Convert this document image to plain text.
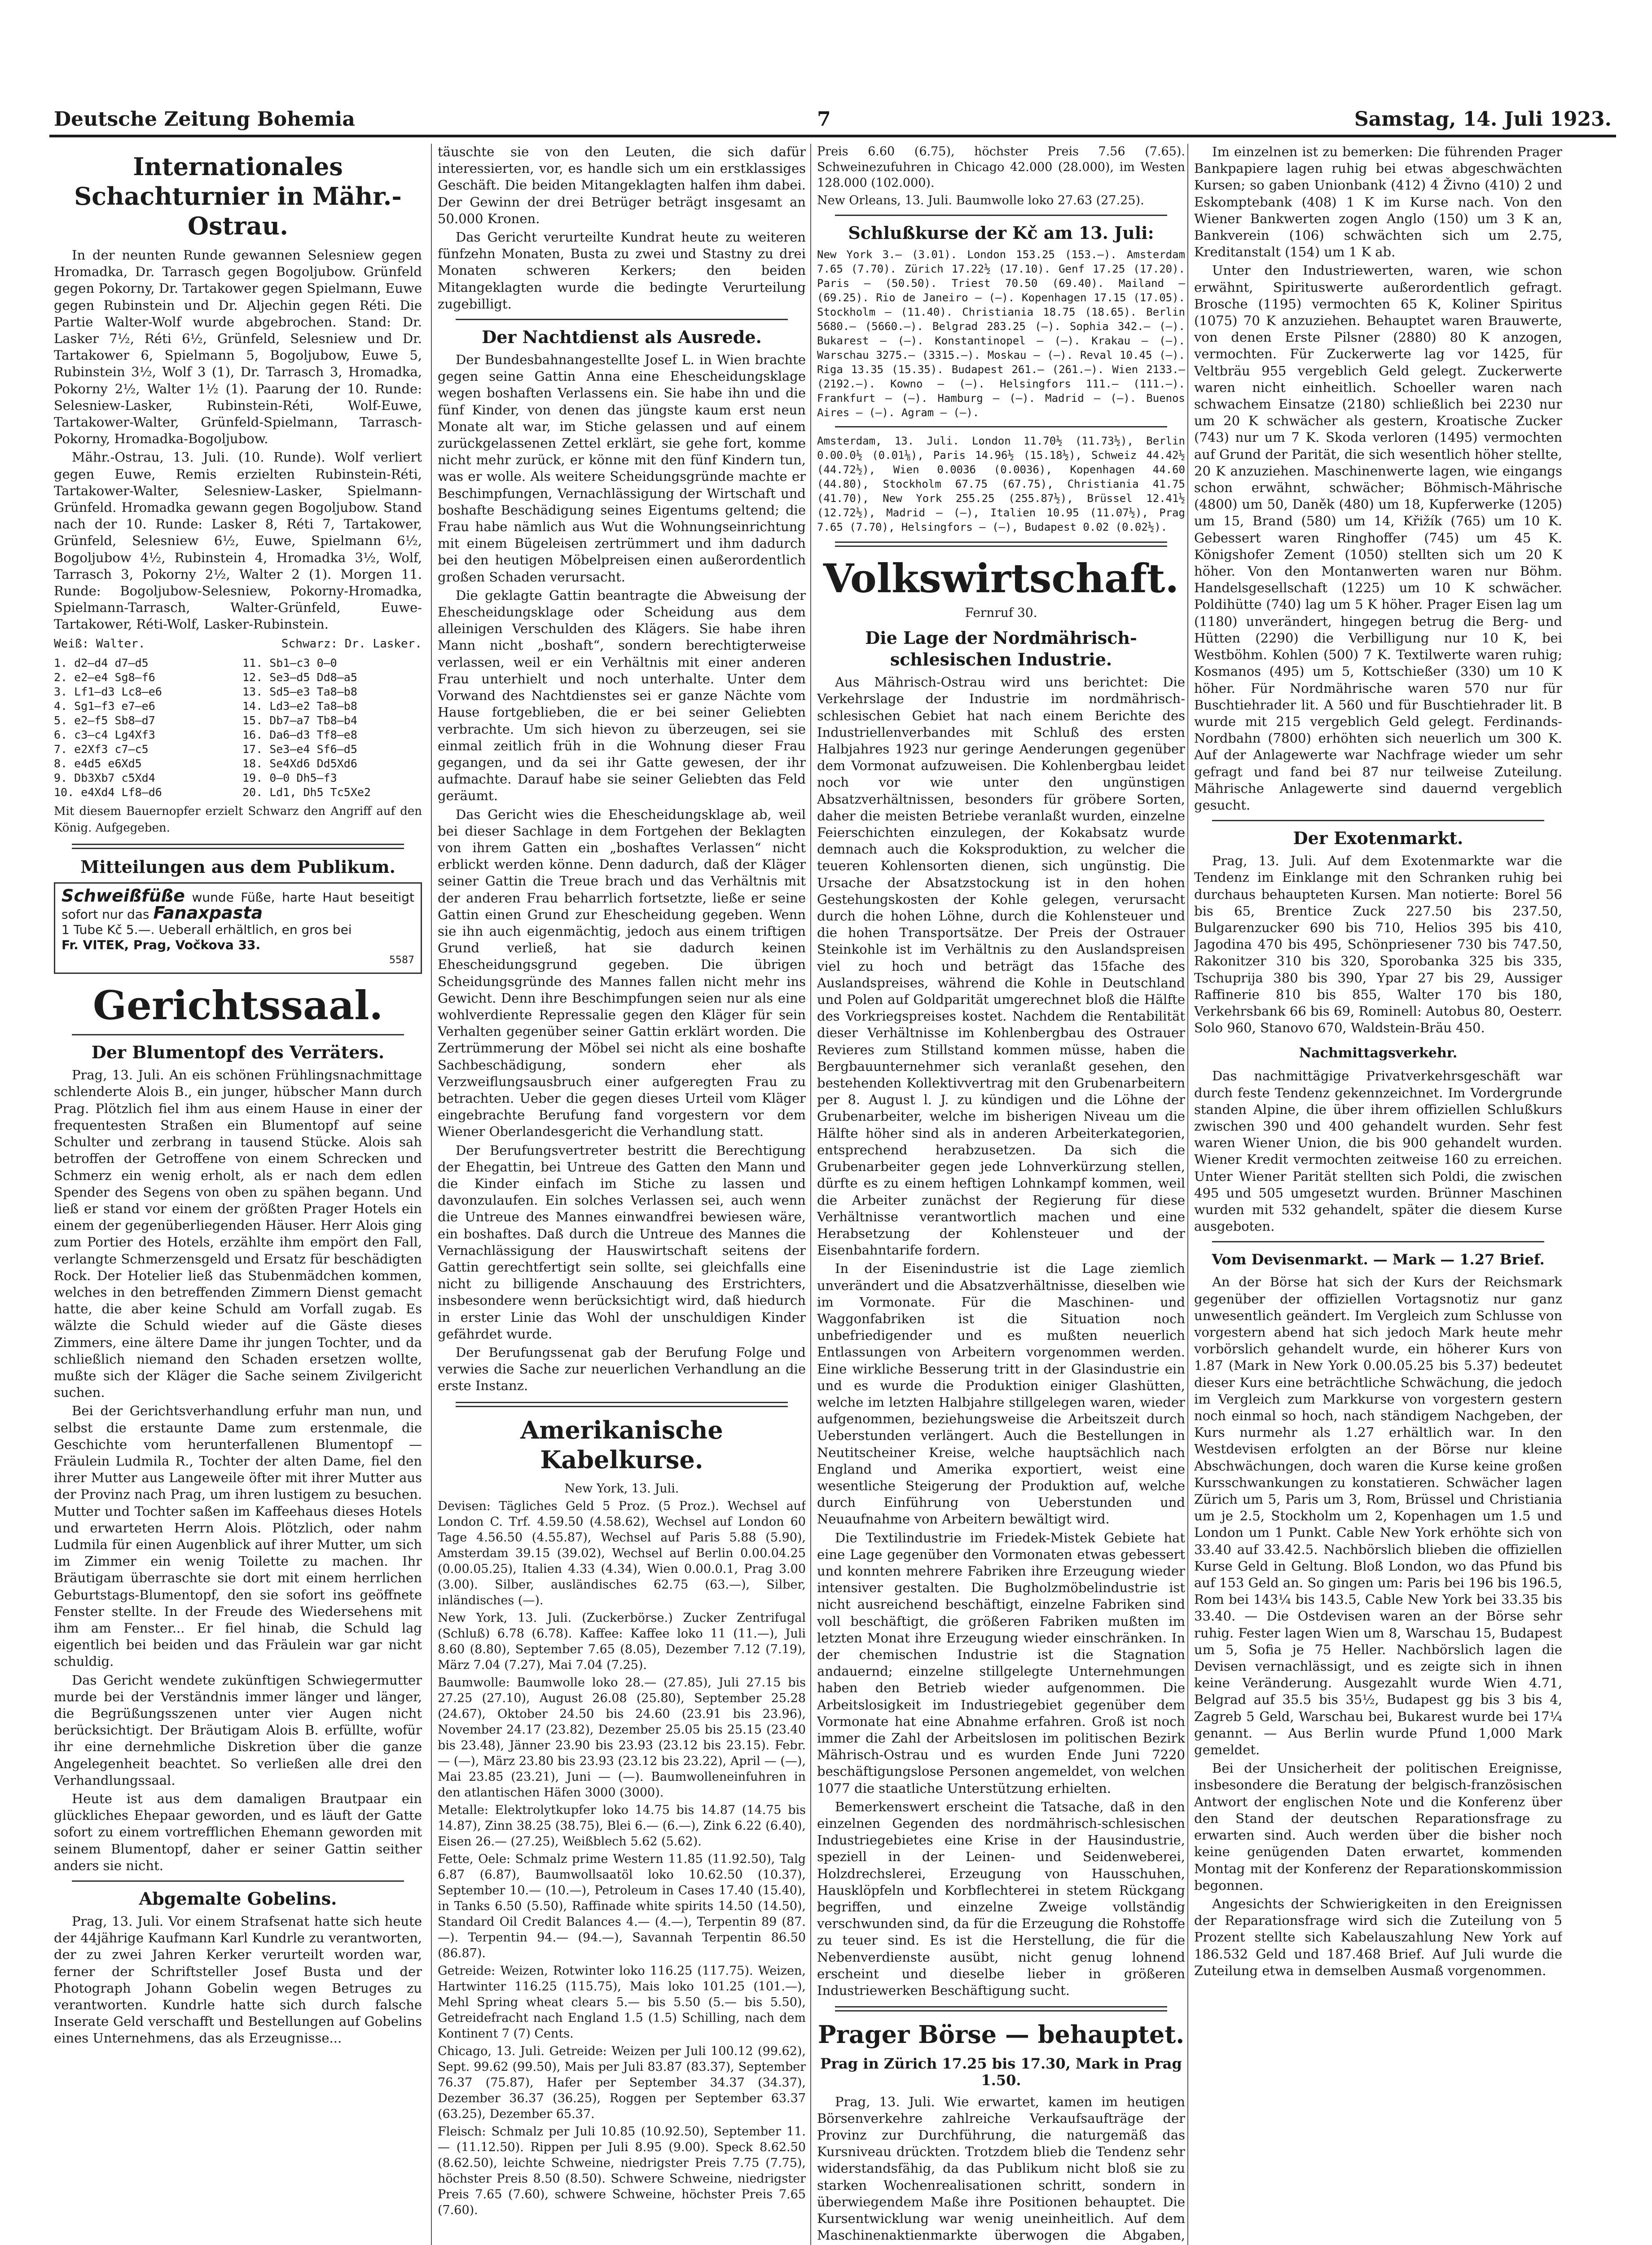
Deutsche Zeitung Bohemia	7	Samstag, 14. Juli 1923.
Internationales Schachturnier in Mähr.-Ostrau.

In der neunten Runde gewannen Selesniew gegen Hromadka, Dr. Tarrasch gegen Bogoljubow. Grünfeld gegen Pokorny, Dr. Tartakower gegen Spielmann, Euwe gegen Rubinstein und Dr. Aljechin gegen Réti. Die Partie Walter-Wolf wurde abgebrochen. Stand: Dr. Lasker 7½, Réti 6½, Grünfeld, Selesniew und Dr. Tartakower 6, Spielmann 5, Bogoljubow, Euwe 5, Rubinstein 3½, Wolf 3 (1), Dr. Tarrasch 3, Hromadka, Pokorny 2½, Walter 1½ (1). Paarung der 10. Runde: Selesniew-Lasker, Rubinstein-Réti, Wolf-Euwe, Tartakower-Walter, Grünfeld-Spielmann, Tarrasch-Pokorny, Hromadka-Bogoljubow.

Mähr.-Ostrau, 13. Juli. (10. Runde). Wolf verliert gegen Euwe, Remis erzielten Rubinstein-Réti, Tartakower-Walter, Selesniew-Lasker, Spielmann-Grünfeld. Hromadka gewann gegen Bogoljubow. Stand nach der 10. Runde: Lasker 8, Réti 7, Tartakower, Grünfeld, Selesniew 6½, Euwe, Spielmann 6½, Bogoljubow 4½, Rubinstein 4, Hromadka 3½, Wolf, Tarrasch 3, Pokorny 2½, Walter 2 (1). Morgen 11. Runde: Bogoljubow-Selesniew, Pokorny-Hromadka, Spielmann-Tarrasch, Walter-Grünfeld, Euwe-Tartakower, Réti-Wolf, Lasker-Rubinstein.

Weiß: Walter.	Schwarz: Dr. Lasker.
1. d2—d4 d7—d5
2. e2—e4 Sg8—f6
3. Lf1—d3 Lc8—e6
4. Sg1—f3 e7—e6
5. e2—f5 Sb8—d7
6. c3—c4 Lg4Xf3
7. e2Xf3 c7—c5
8. e4d5 e6Xd5
9. Db3Xb7 c5Xd4
10. e4Xd4 Lf8—d6
11. Sb1—c3 0—0
12. Se3—d5 Dd8—a5
13. Sd5—e3 Ta8—b8
14. Ld3—e2 Ta8—b8
15. Db7—a7 Tb8—b4
16. Da6—d3 Tf8—e8
17. Se3—e4 Sf6—d5
18. Se4Xd6 Dd5Xd6
19. 0—0 Dh5—f3
20. Ld1, Dh5 Tc5Xe2

Mit diesem Bauernopfer erzielt Schwarz den Angriff auf den König. Aufgegeben.

Mitteilungen aus dem Publikum.
Schweißfüße wunde Füße, harte Haut beseitigt sofort nur das Fanaxpasta
1 Tube Kč 5.—. Ueberall erhältlich, en gros bei
Fr. VITEK, Prag, Vočkova 33.
5587
Gerichtssaal.
Der Blumentopf des Verräters.

Prag, 13. Juli. An eis schönen Frühlingsnachmittage schlenderte Alois B., ein junger, hübscher Mann durch Prag. Plötzlich fiel ihm aus einem Hause in einer der frequentesten Straßen ein Blumentopf auf seine Schulter und zerbrang in tausend Stücke. Alois sah betroffen der Getroffene von einem Schrecken und Schmerz ein wenig erholt, als er nach dem edlen Spender des Segens von oben zu spähen begann. Und ließ er stand vor einem der größten Prager Hotels ein einem der gegenüberliegenden Häuser. Herr Alois ging zum Portier des Hotels, erzählte ihm empört den Fall, verlangte Schmerzensgeld und Ersatz für beschädigten Rock. Der Hotelier ließ das Stubenmädchen kommen, welches in den betreffenden Zimmern Dienst gemacht hatte, die aber keine Schuld am Vorfall zugab. Es wälzte die Schuld wieder auf die Gäste dieses Zimmers, eine ältere Dame ihr jungen Tochter, und da schließlich niemand den Schaden ersetzen wollte, mußte sich der Kläger die Sache seinem Zivilgericht suchen.

Bei der Gerichtsverhandlung erfuhr man nun, und selbst die erstaunte Dame zum erstenmale, die Geschichte vom herunterfallenen Blumentopf — Fräulein Ludmila R., Tochter der alten Dame, fiel den ihrer Mutter aus Langeweile öfter mit ihrer Mutter aus der Provinz nach Prag, um ihren lustigem zu besuchen. Mutter und Tochter saßen im Kaffeehaus dieses Hotels und erwarteten Herrn Alois. Plötzlich, oder nahm Ludmila für einen Augenblick auf ihrer Mutter, um sich im Zimmer ein wenig Toilette zu machen. Ihr Bräutigam überraschte sie dort mit einem herrlichen Geburtstags-Blumentopf, den sie sofort ins geöffnete Fenster stellte. In der Freude des Wiedersehens mit ihm am Fenster... Er fiel hinab, die Schuld lag eigentlich bei beiden und das Fräulein war gar nicht schuldig.

Das Gericht wendete zukünftigen Schwiegermutter murde bei der Verständnis immer länger und länger, die Begrüßungsszenen unter vier Augen nicht berücksichtigt. Der Bräutigam Alois B. erfüllte, wofür ihr eine dernehmliche Diskretion über die ganze Angelegenheit beachtet. So verließen alle drei den Verhandlungssaal.

Heute ist aus dem damaligen Brautpaar ein glückliches Ehepaar geworden, und es läuft der Gatte sofort zu einem vortrefflichen Ehemann geworden mit seinem Blumentopf, daher er seiner Gattin seither anders sie nicht.

Abgemalte Gobelins.

Prag, 13. Juli. Vor einem Strafsenat hatte sich heute der 44jährige Kaufmann Karl Kundrle zu verantworten, der zu zwei Jahren Kerker verurteilt worden war, ferner der Schriftsteller Josef Busta und der Photograph Johann Gobelin wegen Betruges zu verantworten. Kundrle hatte sich durch falsche Inserate Geld verschafft und Bestellungen auf Gobelins eines Unternehmens, das als Erzeugnisse...

täuschte sie von den Leuten, die sich dafür interessierten, vor, es handle sich um ein erstklassiges Geschäft. Die beiden Mitangeklagten halfen ihm dabei. Der Gewinn der drei Betrüger beträgt insgesamt an 50.000 Kronen.

Das Gericht verurteilte Kundrat heute zu weiteren fünfzehn Monaten, Busta zu zwei und Stastny zu drei Monaten schweren Kerkers; den beiden Mitangeklagten wurde die bedingte Verurteilung zugebilligt.

Der Nachtdienst als Ausrede.

Der Bundesbahnangestellte Josef L. in Wien brachte gegen seine Gattin Anna eine Ehescheidungsklage wegen boshaften Verlassens ein. Sie habe ihn und die fünf Kinder, von denen das jüngste kaum erst neun Monate alt war, im Stiche gelassen und auf einem zurückgelassenen Zettel erklärt, sie gehe fort, komme nicht mehr zurück, er könne mit den fünf Kindern tun, was er wolle. Als weitere Scheidungsgründe machte er Beschimpfungen, Vernachlässigung der Wirtschaft und boshafte Beschädigung seines Eigentums geltend; die Frau habe nämlich aus Wut die Wohnungseinrichtung mit einem Bügeleisen zertrümmert und ihm dadurch bei den heutigen Möbelpreisen einen außerordentlich großen Schaden verursacht.

Die geklagte Gattin beantragte die Abweisung der Ehescheidungsklage oder Scheidung aus dem alleinigen Verschulden des Klägers. Sie habe ihren Mann nicht „boshaft“, sondern berechtigterweise verlassen, weil er ein Verhältnis mit einer anderen Frau unterhielt und noch unterhalte. Unter dem Vorwand des Nachtdienstes sei er ganze Nächte vom Hause fortgeblieben, die er bei seiner Geliebten verbrachte. Um sich hievon zu überzeugen, sei sie einmal zeitlich früh in die Wohnung dieser Frau gegangen, und da sei ihr Gatte gewesen, der ihr aufmachte. Darauf habe sie seiner Geliebten das Feld geräumt.

Das Gericht wies die Ehescheidungsklage ab, weil bei dieser Sachlage in dem Fortgehen der Beklagten von ihrem Gatten ein „boshaftes Verlassen“ nicht erblickt werden könne. Denn dadurch, daß der Kläger seiner Gattin die Treue brach und das Verhältnis mit der anderen Frau beharrlich fortsetzte, ließe er seine Gattin einen Grund zur Ehescheidung gegeben. Wenn sie ihn auch eigenmächtig, jedoch aus einem triftigen Grund verließ, hat sie dadurch keinen Ehescheidungsgrund gegeben. Die übrigen Scheidungsgründe des Mannes fallen nicht mehr ins Gewicht. Denn ihre Beschimpfungen seien nur als eine wohlverdiente Repressalie gegen den Kläger für sein Verhalten gegenüber seiner Gattin erklärt worden. Die Zertrümmerung der Möbel sei nicht als eine boshafte Sachbeschädigung, sondern eher als Verzweiflungsausbruch einer aufgeregten Frau zu betrachten. Ueber die gegen dieses Urteil vom Kläger eingebrachte Berufung fand vorgestern vor dem Wiener Oberlandesgericht die Verhandlung statt.

Der Berufungsvertreter bestritt die Berechtigung der Ehegattin, bei Untreue des Gatten den Mann und die Kinder einfach im Stiche zu lassen und davonzulaufen. Ein solches Verlassen sei, auch wenn die Untreue des Mannes einwandfrei bewiesen wäre, ein boshaftes. Daß durch die Untreue des Mannes die Vernachlässigung der Hauswirtschaft seitens der Gattin gerechtfertigt sein sollte, sei gleichfalls eine nicht zu billigende Anschauung des Erstrichters, insbesondere wenn berücksichtigt wird, daß hiedurch in erster Linie das Wohl der unschuldigen Kinder gefährdet wurde.

Der Berufungssenat gab der Berufung Folge und verwies die Sache zur neuerlichen Verhandlung an die erste Instanz.

Amerikanische Kabelkurse.

New York, 13. Juli.

Devisen: Tägliches Geld 5 Proz. (5 Proz.). Wechsel auf London C. Trf. 4.59.50 (4.58.62), Wechsel auf London 60 Tage 4.56.50 (4.55.87), Wechsel auf Paris 5.88 (5.90), Amsterdam 39.15 (39.02), Wechsel auf Berlin 0.00.04.25 (0.00.05.25), Italien 4.33 (4.34), Wien 0.00.0.1, Prag 3.00 (3.00). Silber, ausländisches 62.75 (63.—), Silber, inländisches (—).

New York, 13. Juli. (Zuckerbörse.) Zucker Zentrifugal (Schluß) 6.78 (6.78). Kaffee: Kaffee loko 11 (11.—), Juli 8.60 (8.80), September 7.65 (8.05), Dezember 7.12 (7.19), März 7.04 (7.27), Mai 7.04 (7.25).

Baumwolle: Baumwolle loko 28.— (27.85), Juli 27.15 bis 27.25 (27.10), August 26.08 (25.80), September 25.28 (24.67), Oktober 24.50 bis 24.60 (23.91 bis 23.96), November 24.17 (23.82), Dezember 25.05 bis 25.15 (23.40 bis 23.48), Jänner 23.90 bis 23.93 (23.12 bis 23.15). Febr. — (—), März 23.80 bis 23.93 (23.12 bis 23.22), April — (—), Mai 23.85 (23.21), Juni — (—). Baumwolleneinfuhren in den atlantischen Häfen 3000 (3000).

Metalle: Elektrolytkupfer loko 14.75 bis 14.87 (14.75 bis 14.87), Zinn 38.25 (38.75), Blei 6.— (6.—), Zink 6.22 (6.40), Eisen 26.— (27.25), Weißblech 5.62 (5.62).

Fette, Oele: Schmalz prime Western 11.85 (11.92.50), Talg 6.87 (6.87), Baumwollsaatöl loko 10.62.50 (10.37), September 10.— (10.—), Petroleum in Cases 17.40 (15.40), in Tanks 6.50 (5.50), Raffinade white spirits 14.50 (14.50), Standard Oil Credit Balances 4.— (4.—), Terpentin 89 (87.—). Terpentin 94.— (94.—), Savannah Terpentin 86.50 (86.87).

Getreide: Weizen, Rotwinter loko 116.25 (117.75). Weizen, Hartwinter 116.25 (115.75), Mais loko 101.25 (101.—), Mehl Spring wheat clears 5.— bis 5.50 (5.— bis 5.50), Getreidefracht nach England 1.5 (1.5) Schilling, nach dem Kontinent 7 (7) Cents.

Chicago, 13. Juli. Getreide: Weizen per Juli 100.12 (99.62), Sept. 99.62 (99.50), Mais per Juli 83.87 (83.37), September 76.37 (75.87), Hafer per September 34.37 (34.37), Dezember 36.37 (36.25), Roggen per September 63.37 (63.25), Dezember 65.37.

Fleisch: Schmalz per Juli 10.85 (10.92.50), September 11.— (11.12.50). Rippen per Juli 8.95 (9.00). Speck 8.62.50 (8.62.50), leichte Schweine, niedrigster Preis 7.75 (7.75), höchster Preis 8.50 (8.50). Schwere Schweine, niedrigster Preis 7.65 (7.60), schwere Schweine, höchster Preis 7.65 (7.60).

Preis 6.60 (6.75), höchster Preis 7.56 (7.65). Schweinezufuhren in Chicago 42.000 (28.000), im Westen 128.000 (102.000).

New Orleans, 13. Juli. Baumwolle loko 27.63 (27.25).

Schlußkurse der Kč am 13. Juli:
New York 3.— (3.01). London 153.25 (153.—). Amsterdam 7.65 (7.70). Zürich 17.22½ (17.10). Genf 17.25 (17.20). Paris — (50.50). Triest 70.50 (69.40). Mailand — (69.25). Rio de Janeiro — (—). Kopenhagen 17.15 (17.05). Stockholm — (11.40). Christiania 18.75 (18.65). Berlin 5680.— (5660.—). Belgrad 283.25 (—). Sophia 342.— (—). Bukarest — (—). Konstantinopel — (—). Krakau — (—). Warschau 3275.— (3315.—). Moskau — (—). Reval 10.45 (—). Riga 13.35 (15.35). Budapest 261.— (261.—). Wien 2133.— (2192.—). Kowno — (—). Helsingfors 111.— (111.—). Frankfurt — (—). Hamburg — (—). Madrid — (—). Buenos Aires — (—). Agram — (—).
Amsterdam, 13. Juli. London 11.70½ (11.73½), Berlin 0.00.0½ (0.01⅛), Paris 14.96½ (15.18½), Schweiz 44.42½ (44.72½), Wien 0.0036 (0.0036), Kopenhagen 44.60 (44.80), Stockholm 67.75 (67.75), Christiania 41.75 (41.70), New York 255.25 (255.87½), Brüssel 12.41½ (12.72½), Madrid — (—), Italien 10.95 (11.07½), Prag 7.65 (7.70), Helsingfors — (—), Budapest 0.02 (0.02½).
Volkswirtschaft.
Fernruf 30.
Die Lage der Nordmährisch-schlesischen Industrie.

Aus Mährisch-Ostrau wird uns berichtet: Die Verkehrslage der Industrie im nordmährisch-schlesischen Gebiet hat nach einem Berichte des Industriellenverbandes mit Schluß des ersten Halbjahres 1923 nur geringe Aenderungen gegenüber dem Vormonat aufzuweisen. Die Kohlenbergbau leidet noch vor wie unter den ungünstigen Absatzverhältnissen, besonders für gröbere Sorten, daher die meisten Betriebe veranlaßt wurden, einzelne Feierschichten einzulegen, der Kokabsatz wurde demnach auch die Koksproduktion, zu welcher die teueren Kohlensorten dienen, sich ungünstig. Die Ursache der Absatzstockung ist in den hohen Gestehungskosten der Kohle gelegen, verursacht durch die hohen Löhne, durch die Kohlensteuer und die hohen Transportsätze. Der Preis der Ostrauer Steinkohle ist im Verhältnis zu den Auslandspreisen viel zu hoch und beträgt das 15fache des Auslandspreises, während die Kohle in Deutschland und Polen auf Goldparität umgerechnet bloß die Hälfte des Vorkriegspreises kostet. Nachdem die Rentabilität dieser Verhältnisse im Kohlenbergbau des Ostrauer Revieres zum Stillstand kommen müsse, haben die Bergbauunternehmer sich veranlaßt gesehen, den bestehenden Kollektivvertrag mit den Grubenarbeitern per 8. August l. J. zu kündigen und die Löhne der Grubenarbeiter, welche im bisherigen Niveau um die Hälfte höher sind als in anderen Arbeiterkategorien, entsprechend herabzusetzen. Da sich die Grubenarbeiter gegen jede Lohnverkürzung stellen, dürfte es zu einem heftigen Lohnkampf kommen, weil die Arbeiter zunächst der Regierung für diese Verhältnisse verantwortlich machen und eine Herabsetzung der Kohlensteuer und der Eisenbahntarife fordern.

In der Eisenindustrie ist die Lage ziemlich unverändert und die Absatzverhältnisse, dieselben wie im Vormonate. Für die Maschinen- und Waggonfabriken ist die Situation noch unbefriedigender und es mußten neuerlich Entlassungen von Arbeitern vorgenommen werden. Eine wirkliche Besserung tritt in der Glasindustrie ein und es wurde die Produktion einiger Glashütten, welche im letzten Halbjahre stillgelegen waren, wieder aufgenommen, beziehungsweise die Arbeitszeit durch Ueberstunden verlängert. Auch die Bestellungen in Neutitscheiner Kreise, welche hauptsächlich nach England und Amerika exportiert, weist eine wesentliche Steigerung der Produktion auf, welche durch Einführung von Ueberstunden und Neuaufnahme von Arbeitern bewältigt wird.

Die Textilindustrie im Friedek-Mistek Gebiete hat eine Lage gegenüber den Vormonaten etwas gebessert und konnten mehrere Fabriken ihre Erzeugung wieder intensiver gestalten. Die Bugholzmöbelindustrie ist nicht ausreichend beschäftigt, einzelne Fabriken sind voll beschäftigt, die größeren Fabriken mußten im letzten Monat ihre Erzeugung wieder einschränken. In der chemischen Industrie ist die Stagnation andauernd; einzelne stillgelegte Unternehmungen haben den Betrieb wieder aufgenommen. Die Arbeitslosigkeit im Industriegebiet gegenüber dem Vormonate hat eine Abnahme erfahren. Groß ist noch immer die Zahl der Arbeitslosen im politischen Bezirk Mährisch-Ostrau und es wurden Ende Juni 7220 beschäftigungslose Personen angemeldet, von welchen 1077 die staatliche Unterstützung erhielten.

Bemerkenswert erscheint die Tatsache, daß in den einzelnen Gegenden des nordmährisch-schlesischen Industriegebietes eine Krise in der Hausindustrie, speziell in der Leinen- und Seidenweberei, Holzdrechslerei, Erzeugung von Hausschuhen, Hausklöpfeln und Korbflechterei in stetem Rückgang begriffen, und einzelne Zweige vollständig verschwunden sind, da für die Erzeugung die Rohstoffe zu teuer sind. Es ist die Herstellung, die für die Nebenverdienste ausübt, nicht genug lohnend erscheint und dieselbe lieber in größeren Industriewerken Beschäftigung sucht.

Prager Börse — behauptet.
Prag in Zürich 17.25 bis 17.30, Mark in Prag 1.50.

Prag, 13. Juli. Wie erwartet, kamen im heutigen Börsenverkehre zahlreiche Verkaufsaufträge der Provinz zur Durchführung, die naturgemäß das Kursniveau drückten. Trotzdem blieb die Tendenz sehr widerstandsfähig, da das Publikum nicht bloß sie zu starken Wochenrealisationen schritt, sondern in überwiegendem Maße ihre Positionen behauptet. Die Kursentwicklung war wenig uneinheitlich. Auf dem Maschinenaktienmarkte überwogen die Abgaben,

Im einzelnen ist zu bemerken: Die führenden Prager Bankpapiere lagen ruhig bei etwas abgeschwächten Kursen; so gaben Unionbank (412) 4 Živno (410) 2 und Eskomptebank (408) 1 K im Kurse nach. Von den Wiener Bankwerten zogen Anglo (150) um 3 K an, Bankverein (106) schwächten sich um 2.75, Kreditanstalt (154) um 1 K ab.

Unter den Industriewerten, waren, wie schon erwähnt, Spirituswerte außerordentlich gefragt. Brosche (1195) vermochten 65 K, Koliner Spiritus (1075) 70 K anzuziehen. Behauptet waren Brauwerte, von denen Erste Pilsner (2880) 80 K anzogen, vermochten. Für Zuckerwerte lag vor 1425, für Veltbräu 955 vergeblich Geld gelegt. Zuckerwerte waren nicht einheitlich. Schoeller waren nach schwachem Einsatze (2180) schließlich bei 2230 nur um 20 K schwächer als gestern, Kroatische Zucker (743) nur um 7 K. Skoda verloren (1495) vermochten auf Grund der Parität, die sich wesentlich höher stellte, 20 K anzuziehen. Maschinenwerte lagen, wie eingangs schon erwähnt, schwächer; Böhmisch-Mährische (4800) um 50, Daněk (480) um 18, Kupferwerke (1205) um 15, Brand (580) um 14, Křižík (765) um 10 K. Gebessert waren Ringhoffer (745) um 45 K. Königshofer Zement (1050) stellten sich um 20 K höher. Von den Montanwerten waren nur Böhm. Handelsgesellschaft (1225) um 10 K schwächer. Poldihütte (740) lag um 5 K höher. Prager Eisen lag um (1180) unverändert, hingegen betrug die Berg- und Hütten (2290) die Verbilligung nur 10 K, bei Westböhm. Kohlen (500) 7 K. Textilwerte waren ruhig; Kosmanos (495) um 5, Kottschießer (330) um 10 K höher. Für Nordmährische waren 570 nur für Buschtiehrader lit. A 560 und für Buschtiehrader lit. B wurde mit 215 vergeblich Geld gelegt. Ferdinands-Nordbahn (7800) erhöhten sich neuerlich um 300 K. Auf der Anlagewerte war Nachfrage wieder um sehr gefragt und fand bei 87 nur teilweise Zuteilung. Mährische Anlagewerte sind dauernd vergeblich gesucht.

Der Exotenmarkt.

Prag, 13. Juli. Auf dem Exotenmarkte war die Tendenz im Einklange mit den Schranken ruhig bei durchaus behaupteten Kursen. Man notierte: Borel 56 bis 65, Brentice Zuck 227.50 bis 237.50, Bulgarenzucker 690 bis 710, Helios 395 bis 410, Jagodina 470 bis 495, Schönpriesener 730 bis 747.50, Rakonitzer 310 bis 320, Sporobanka 325 bis 335, Tschuprija 380 bis 390, Ypar 27 bis 29, Aussiger Raffinerie 810 bis 855, Walter 170 bis 180, Verkehrsbank 66 bis 69, Rominell: Autobus 80, Oesterr. Solo 960, Stanovo 670, Waldstein-Bräu 450.

Nachmittagsverkehr.

Das nachmittägige Privatverkehrsgeschäft war durch feste Tendenz gekennzeichnet. Im Vordergrunde standen Alpine, die über ihrem offiziellen Schlußkurs zwischen 390 und 400 gehandelt wurden. Sehr fest waren Wiener Union, die bis 900 gehandelt wurden. Wiener Kredit vermochten zeitweise 160 zu erreichen. Unter Wiener Parität stellten sich Poldi, die zwischen 495 und 505 umgesetzt wurden. Brünner Maschinen wurden mit 532 gehandelt, später die diesem Kurse ausgeboten.

Vom Devisenmarkt. — Mark — 1.27 Brief.

An der Börse hat sich der Kurs der Reichsmark gegenüber der offiziellen Vortagsnotiz nur ganz unwesentlich geändert. Im Vergleich zum Schlusse von vorgestern abend hat sich jedoch Mark heute mehr vorbörslich gehandelt wurde, ein höherer Kurs von 1.87 (Mark in New York 0.00.05.25 bis 5.37) bedeutet dieser Kurs eine beträchtliche Schwächung, die jedoch im Vergleich zum Markkurse von vorgestern gestern noch einmal so hoch, nach ständigem Nachgeben, der Kurs nurmehr als 1.27 erhältlich war. In den Westdevisen erfolgten an der Börse nur kleine Abschwächungen, doch waren die Kurse keine großen Kursschwankungen zu konstatieren. Schwächer lagen Zürich um 5, Paris um 3, Rom, Brüssel und Christiania um je 2.5, Stockholm um 2, Kopenhagen um 1.5 und London um 1 Punkt. Cable New York erhöhte sich von 33.40 auf 33.42.5. Nachbörslich blieben die offiziellen Kurse Geld in Geltung. Bloß London, wo das Pfund bis auf 153 Geld an. So gingen um: Paris bei 196 bis 196.5, Rom bei 143¼ bis 143.5, Cable New York bei 33.35 bis 33.40. — Die Ostdevisen waren an der Börse sehr ruhig. Fester lagen Wien um 8, Warschau 15, Budapest um 5, Sofia je 75 Heller. Nachbörslich lagen die Devisen vernachlässigt, und es zeigte sich in ihnen keine Veränderung. Ausgezahlt wurde Wien 4.71, Belgrad auf 35.5 bis 35½, Budapest gg bis 3 bis 4, Zagreb 5 Geld, Warschau bei, Bukarest wurde bei 17¼ genannt. — Aus Berlin wurde Pfund 1,000 Mark gemeldet.

Bei der Unsicherheit der politischen Ereignisse, insbesondere die Beratung der belgisch-französischen Antwort der englischen Note und die Konferenz über den Stand der deutschen Reparationsfrage zu erwarten sind. Auch werden über die bisher noch keine genügenden Daten erwartet, kommenden Montag mit der Konferenz der Reparationskommission begonnen.

Angesichts der Schwierigkeiten in den Ereignissen der Reparationsfrage wird sich die Zuteilung von 5 Prozent stellte sich Kabelauszahlung New York auf 186.532 Geld und 187.468 Brief. Auf Juli wurde die Zuteilung etwa in demselben Ausmaß vorgenommen.
